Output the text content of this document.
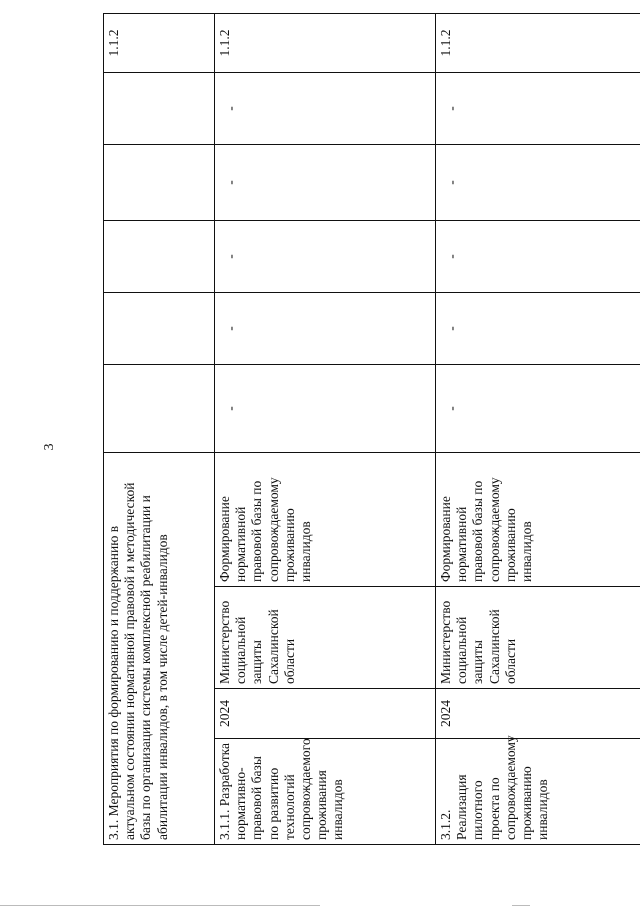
3
3.1. Мероприятия по формированию и поддержанию в актуальном состоянии нормативной правовой и методической базы по организации системы комплексной реабилитации и абилитации инвалидов, в том числе детей-инвалидов									1.1.2
3.1.1. Разработка нормативно-правовой базы по развитию технологий сопровождаемого проживания инвалидов	2024	Министерство социальной защиты Сахалинской области	Формирование нормативной правовой базы по сопровождаемому проживанию инвалидов	-	-	-	-	-	1.1.2
3.1.2. Реализация пилотного проекта по сопровождаемому проживанию инвалидов	2024	Министерство социальной защиты Сахалинской области	Формирование нормативной правовой базы по сопровождаемому проживанию инвалидов	-	-	-	-	-	1.1.2
